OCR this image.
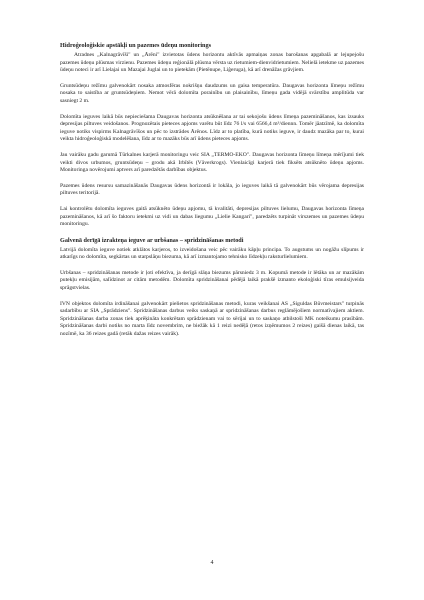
Hidroģeoloģiskie apstākļi un pazemes ūdeņu monitorings

Atradnes „Kalnagrāvīši" un „Ārēni" izvietotas ūdens horizontu aktīvās apmaiņas zonas barošanas apgabalā ar lejupejošu pazemes ūdeņu plūsmas virzienu. Pazemes ūdeņu reģionālā plūsma vērsta uz rietumiem-dienvidrietumiem. Nelielā ietekme uz pazemes ūdeņu noteci ir arī Lielajai un Mazajai Juglai un to pietekām (Pietēnupe, Liģeruga), kā arī drenāžas grāvjiem.

Gruntsūdeņu režīmu galvenokārt nosaka atmosfēras nokrišņu daudzums un gaisa temperatūra. Daugavas horizonta līmeņu režīmu nosaka to saistība ar gruntsūdeņiem. Nemot vērā dolomīta porainību un plaisainību, līmeņu gada vidējā svārstību amplitūda var sasniegt 2 m.

Dolomīta ieguves laikā būs nepieciešama Daugavas horizonta atsūknēšana ar tai sekojošu ūdens līmeņa pazemināšanos, kas izsauks depresijas piltuves veidošanos. Prognozētais pieteces apjoms varētu būt līdz 76 l/s vai 6566,4 m³/diennn. Tomēr jāatzīmē, ka dolomīta ieguve notiks vispirms Kalnagrāvīšos un pēc to izstrādes Ārēnos. Līdz ar to platība, kurā notiks ieguve, ir daudz mazāka par to, kurai veikta hidroģeoloģiskā modelēšana, līdz ar to mazāks būs arī ūdens pieteces apjoms.

Jau vairāku gadu garumā Tūrkalnes karjerā monitoringu veic SIA „TERMO-EKO". Daugavas horizonta līmeņu līmeņa mērījumi tiek veikti divos urbumos, gruntsūdeņu – grodu akā Irbītēs (Vāverkrogs). Vienlaicīgi karjerā tiek fiksēts atsūknēto ūdeņu apjoms. Monitoringa novērojumi aptvers arī paredzētās darbības objektus.

Pazemes ūdens resursu samazināšanās Daugavas ūdens horizontā ir lokāla, jo ieguves laikā tā galvenokārt būs vērojama depresijas piltuves teritorijā.

Lai kontrolētu dolomīta ieguves gaitā atsūknēto ūdeņu apjomu, tā kvalitāti, depresijas piltuves lielumu, Daugavas horizonta līmeņa pazemināšanos, kā arī šo faktoru ietekmi uz vidi un dabas liegumu „Lielie Kangari", paredzēts turpināt virszemes un pazemes ūdeņu monitoringu.

Galvenā derīgā izrakteņa ieguve ar urbšanas – spridzināšanas metodi

Latvijā dolomīta ieguve notiek atklātos karjeros, to izveidošana veic pēc vairāku kāpļu principa. To augstums un nogāžu slīpums ir atkarīgs no dolomīta, segkārtas un starpslāņu biezuma, kā arī izmantojamo tehnisko līdzekļu raksturlielumiem.

Urbšanas – spridzināšanas metode ir ļoti efektīva, ja derīgā slāņa biezums pārsniedz 3 m. Kopumā metode ir lētāka un ar mazākām putekļu emisijām, salīdzinot ar citām metodēm. Dolomīta spridzināšanai pēdējā laikā prakšē izmanto ekoloģiski tīras emulsijveida sprāgstvielas.

IVN objektos dolomīta irdināšanai galvenokārt pielietos spridzināšanas metodi, kuras veikšanai AS „Siguldas Būvmeistars" turpinās sadarbību ar SIA „Sprādziens". Spridzināšanas darbus veiks saskaņā ar spridzināšanas darbus reglāmējošiem normatīvajiem aktiem. Spridzināšanas darba zonas tiek aprēķināta konkrētam sprādzienam vai to sērijai un to saskaņo atbilstoši MK noteikumu prasībām. Spridzināšanas darbi notiks no marta līdz novembrim, ne biežāk kā 1 reizi nedēļā (retos izņēmumos 2 reizes) gaišā dienas laikā, tas nozīmē, ka 36 reizes gadā (retāk dažas reizes vairāk).

4
